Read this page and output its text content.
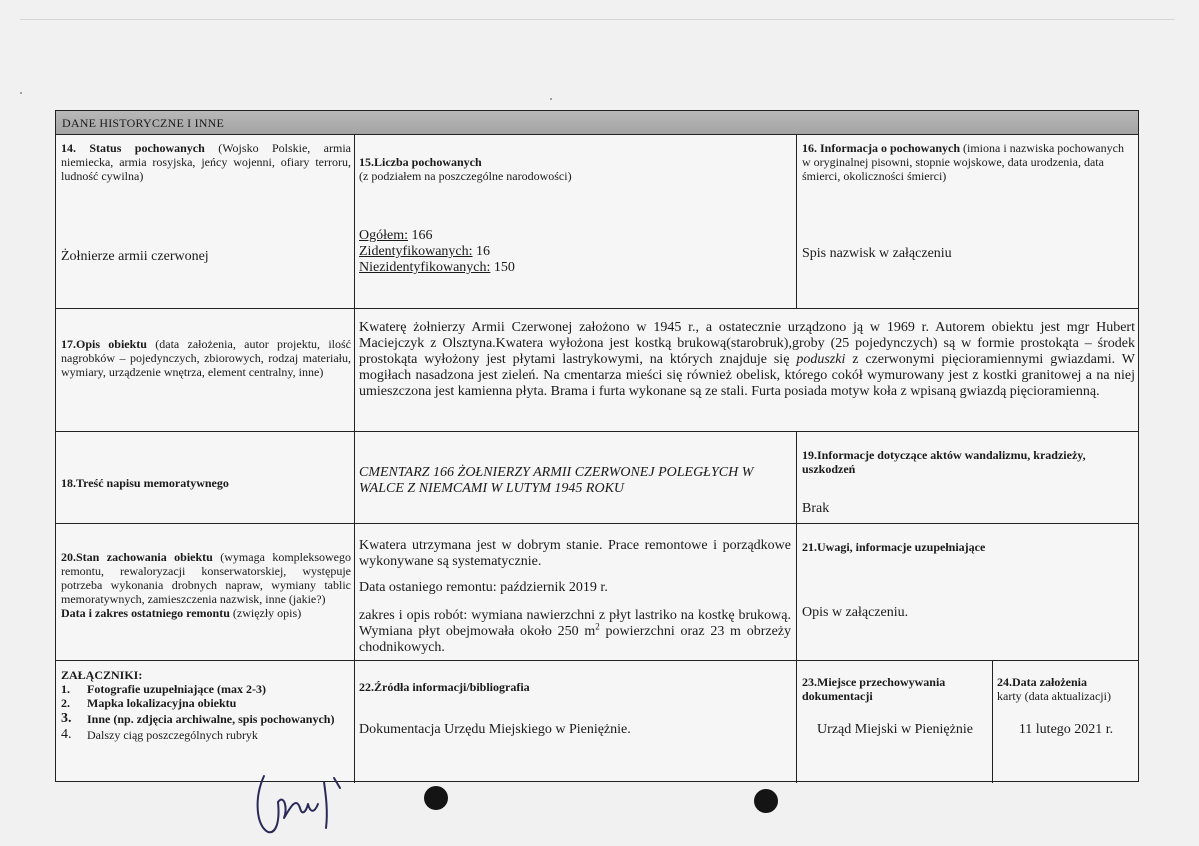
DANE HISTORYCZNE I INNE
14. Status pochowanych (Wojsko Polskie, armia niemiecka, armia rosyjska, jeńcy wojenni, ofiary terroru, ludność cywilna)
Żołnierze armii czerwonej
15.Liczba pochowanych
(z podziałem na poszczególne narodowości)
Ogółem: 166
Zidentyfikowanych: 16
Niezidentyfikowanych: 150
16. Informacja o pochowanych (imiona i nazwiska pochowanych w oryginalnej pisowni, stopnie wojskowe, data urodzenia, data śmierci, okoliczności śmierci)
Spis nazwisk w załączeniu
17.Opis obiektu (data założenia, autor projektu, ilość nagrobków – pojedynczych, zbiorowych, rodzaj materiału, wymiary, urządzenie wnętrza, element centralny, inne)
Kwaterę żołnierzy Armii Czerwonej założono w 1945 r., a ostatecznie urządzono ją w 1969 r. Autorem obiektu jest mgr Hubert Maciejczyk z Olsztyna.Kwatera wyłożona jest kostką brukową(starobruk),groby (25 pojedynczych) są w formie prostokąta – środek prostokąta wyłożony jest płytami lastrykowymi, na których znajduje się poduszki z czerwonymi pięcioramiennymi gwiazdami. W mogiłach nasadzona jest zieleń. Na cmentarza mieści się również obelisk, którego cokół wymurowany jest z kostki granitowej a na niej umieszczona jest kamienna płyta. Brama i furta wykonane są ze stali. Furta posiada motyw koła z wpisaną gwiazdą pięcioramienną.
18.Treść napisu memoratywnego
CMENTARZ 166 ŻOŁNIERZY ARMII CZERWONEJ POLEGŁYCH W WALCE Z NIEMCAMI W LUTYM 1945 ROKU
19.Informacje dotyczące aktów wandalizmu, kradzieży, uszkodzeń
Brak
20.Stan zachowania obiektu (wymaga kompleksowego remontu, rewaloryzacji konserwatorskiej, występuje potrzeba wykonania drobnych napraw, wymiany tablic memoratywnych, zamieszczenia nazwisk, inne (jakie?)
Data i zakres ostatniego remontu (zwięzły opis)
Kwatera utrzymana jest w dobrym stanie. Prace remontowe i porządkowe wykonywane są systematycznie.
Data ostaniego remontu: październik 2019 r.
zakres i opis robót: wymiana nawierzchni z płyt lastriko na kostkę brukową. Wymiana płyt obejmowała około 250 $m^2$ powierzchni oraz 23 m obrzeży chodnikowych.
21.Uwagi, informacje uzupełniające
Opis w załączeniu.
ZAŁĄCZNIKI:
1. Fotografie uzupełniające (max 2-3)
2. Mapka lokalizacyjna obiektu
3. Inne (np. zdjęcia archiwalne, spis pochowanych)
4. Dalszy ciąg poszczególnych rubryk
22.Źródła informacji/bibliografia
Dokumentacja Urzędu Miejskiego w Pieniężnie.
23.Miejsce przechowywania dokumentacji
Urząd Miejski w Pieniężnie
24.Data założenia
karty (data aktualizacji)
11 lutego 2021 r.
